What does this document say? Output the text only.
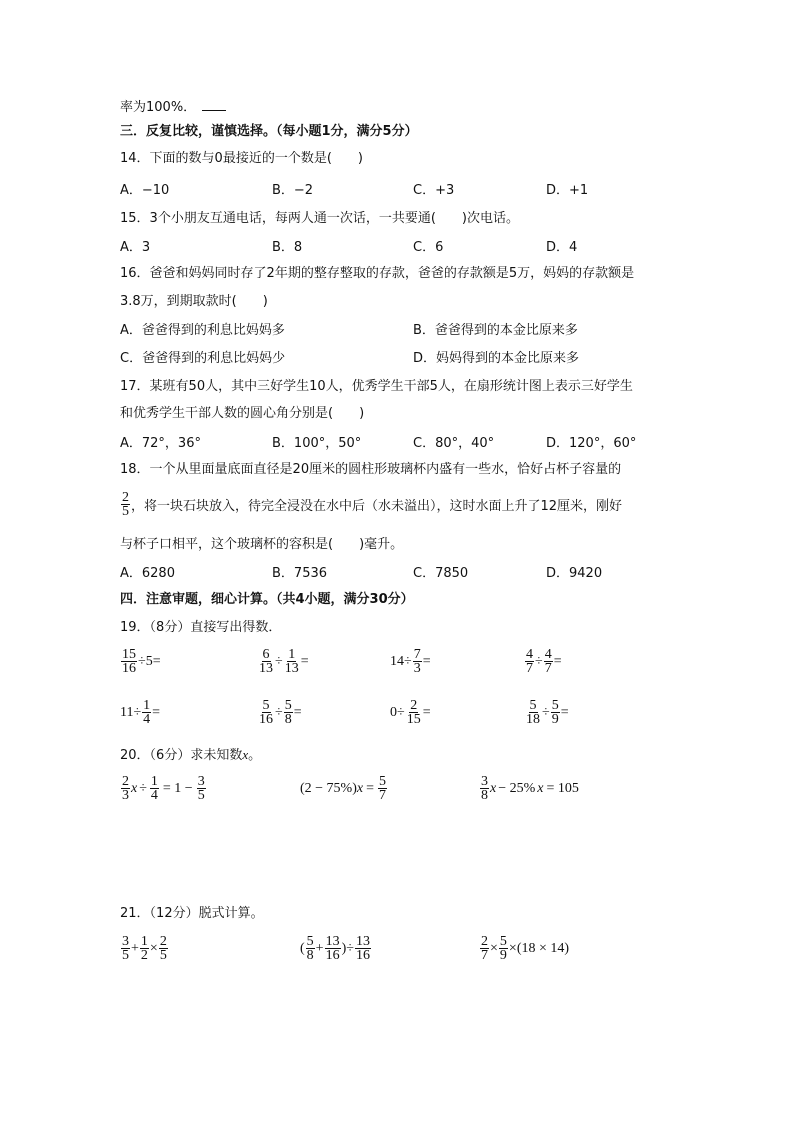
率为100%．
三．反复比较，谨慎选择。（每小题1分，满分5分）
14．下面的数与0最接近的一个数是(　　)
A．−10	B．−2	C．+3	D．+1
15．3个小朋友互通电话，每两人通一次话，一共要通(　　)次电话。
A．3	B．8	C．6	D．4
16．爸爸和妈妈同时存了2年期的整存整取的存款，爸爸的存款额是5万，妈妈的存款额是
3.8万，到期取款时(　　)
A．爸爸得到的利息比妈妈多	B．爸爸得到的本金比原来多
C．爸爸得到的利息比妈妈少	D．妈妈得到的本金比原来多
17．某班有50人，其中三好学生10人，优秀学生干部5人，在扇形统计图上表示三好学生
和优秀学生干部人数的圆心角分别是(　　)
A．72°，36°	B．100°，50°	C．80°，40°	D．120°，60°
18．一个从里面量底面直径是20厘米的圆柱形玻璃杯内盛有一些水，恰好占杯子容量的
$\frac{2}{5}$ ，将一块石块放入，待完全浸没在水中后（水未溢出），这时水面上升了12厘米，刚好
与杯子口相平，这个玻璃杯的容积是(　　)毫升。
A．6280	B．7536	C．7850	D．9420
四．注意审题，细心计算。（共4小题，满分30分）
19．（8分）直接写出得数．
$\frac{15}{16} \div 5$ =	$\frac{6}{13} \div \frac{1}{13}$ =	$14 \div \frac{7}{3}$ =	$\frac{4}{7} \div \frac{4}{7}$ =
$11 \div \frac{1}{4}$ =	$\frac{5}{16} \div \frac{5}{8}$ =	$0 \div \frac{2}{15}$ =	$\frac{5}{18} \div \frac{5}{9}$ =
20．（6分）求未知数x。
$\frac{2}{3}$ $x \div \frac{1}{4} = 1 - \frac{3}{5}$	(2 − 75%) $x = \frac{5}{7}$	$\frac{3}{8}$ x − 25% x = 105
21．（12分）脱式计算。
$\frac{3}{5} + \frac{1}{2} \times \frac{2}{5}$	( $\frac{5}{8} + \frac{13}{16}$ ) ÷ $\frac{13}{16}$	$\frac{2}{7} \times \frac{5}{9} \times (18 \times 14)$
